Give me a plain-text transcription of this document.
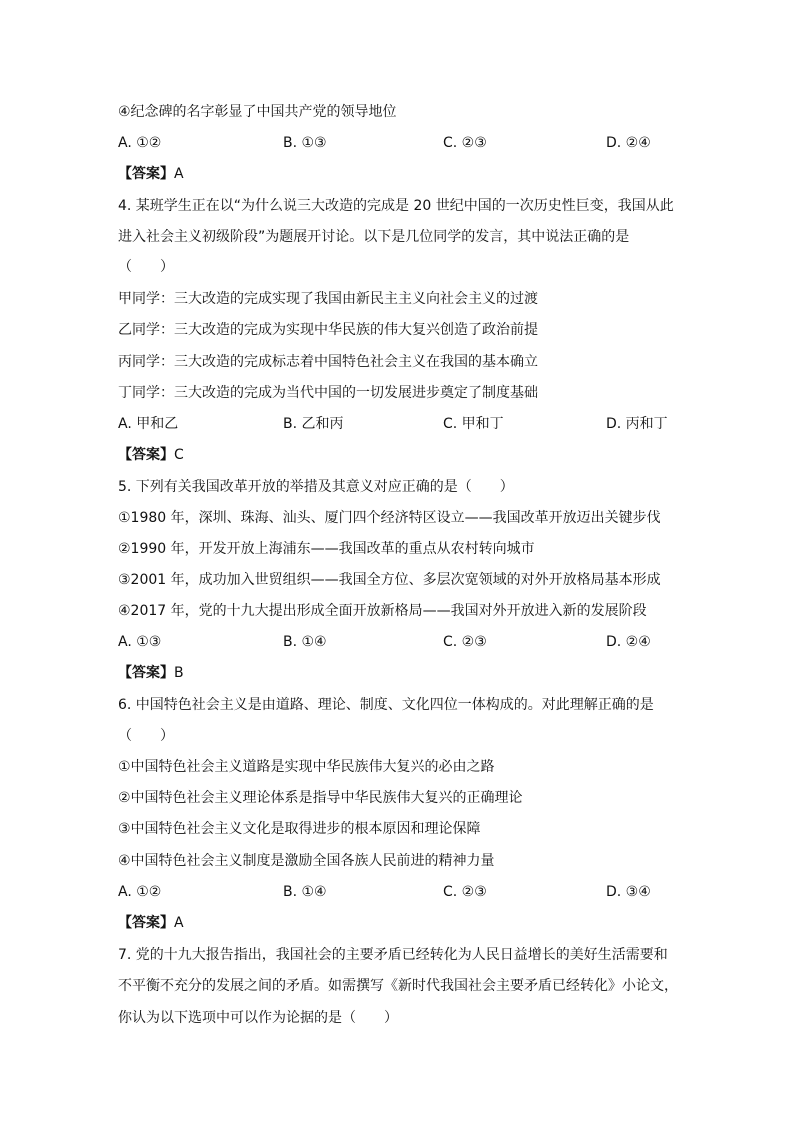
④纪念碑的名字彰显了中国共产党的领导地位
A. ①②	B. ①③	C. ②③	D. ②④
【答案】A
4. 某班学生正在以“为什么说三大改造的完成是 20 世纪中国的一次历史性巨变，我国从此
进入社会主义初级阶段”为题展开讨论。以下是几位同学的发言，其中说法正确的是
（　　）
甲同学：三大改造的完成实现了我国由新民主主义向社会主义的过渡
乙同学：三大改造的完成为实现中华民族的伟大复兴创造了政治前提
丙同学：三大改造的完成标志着中国特色社会主义在我国的基本确立
丁同学：三大改造的完成为当代中国的一切发展进步奠定了制度基础
A. 甲和乙	B. 乙和丙	C. 甲和丁	D. 丙和丁
【答案】C
5. 下列有关我国改革开放的举措及其意义对应正确的是（　　）
①1980 年，深圳、珠海、汕头、厦门四个经济特区设立——我国改革开放迈出关键步伐
②1990 年，开发开放上海浦东——我国改革的重点从农村转向城市
③2001 年，成功加入世贸组织——我国全方位、多层次宽领域的对外开放格局基本形成
④2017 年，党的十九大提出形成全面开放新格局——我国对外开放进入新的发展阶段
A. ①③	B. ①④	C. ②③	D. ②④
【答案】B
6. 中国特色社会主义是由道路、理论、制度、文化四位一体构成的。对此理解正确的是
（　　）
①中国特色社会主义道路是实现中华民族伟大复兴的必由之路
②中国特色社会主义理论体系是指导中华民族伟大复兴的正确理论
③中国特色社会主义文化是取得进步的根本原因和理论保障
④中国特色社会主义制度是激励全国各族人民前进的精神力量
A. ①②	B. ①④	C. ②③	D. ③④
【答案】A
7. 党的十九大报告指出，我国社会的主要矛盾已经转化为人民日益增长的美好生活需要和
不平衡不充分的发展之间的矛盾。如需撰写《新时代我国社会主要矛盾已经转化》小论文，
你认为以下选项中可以作为论据的是（　　）
